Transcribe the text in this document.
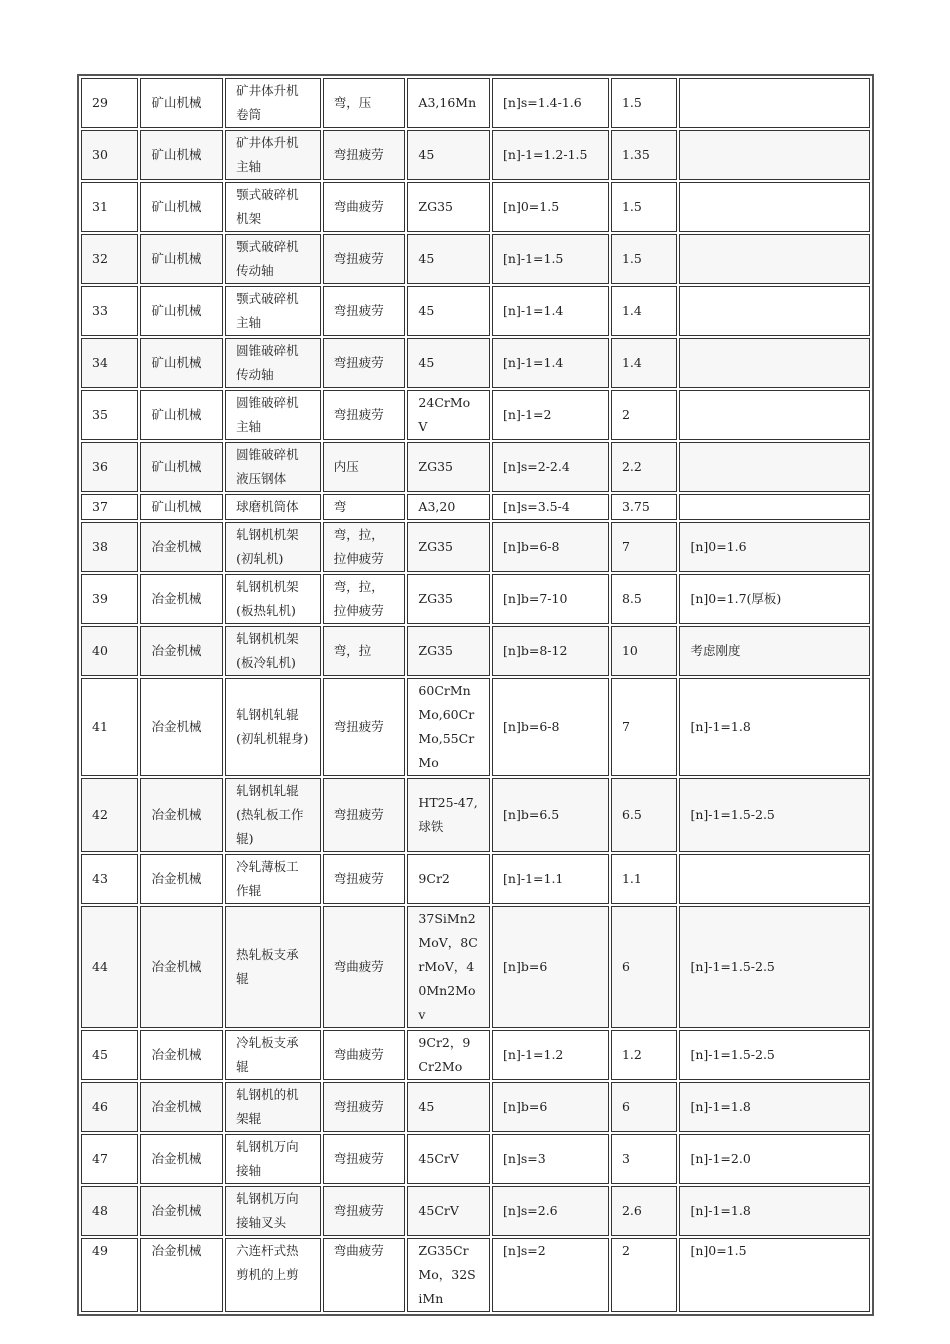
29	矿山机械	矿井体升机卷筒	弯，压	A3,16Mn	[n]s=1.4-1.6	1.5	
30	矿山机械	矿井体升机主轴	弯扭疲劳	45	[n]-1=1.2-1.5	1.35	
31	矿山机械	颚式破碎机机架	弯曲疲劳	ZG35	[n]0=1.5	1.5	
32	矿山机械	颚式破碎机传动轴	弯扭疲劳	45	[n]-1=1.5	1.5	
33	矿山机械	颚式破碎机主轴	弯扭疲劳	45	[n]-1=1.4	1.4	
34	矿山机械	圆锥破碎机传动轴	弯扭疲劳	45	[n]-1=1.4	1.4	
35	矿山机械	圆锥破碎机主轴	弯扭疲劳	24CrMoV	[n]-1=2	2	
36	矿山机械	圆锥破碎机液压钢体	内压	ZG35	[n]s=2-2.4	2.2	
37	矿山机械	球磨机筒体	弯	A3,20	[n]s=3.5-4	3.75	
38	冶金机械	轧钢机机架(初轧机)	弯，拉，拉伸疲劳	ZG35	[n]b=6-8	7	[n]0=1.6
39	冶金机械	轧钢机机架(板热轧机)	弯，拉，拉伸疲劳	ZG35	[n]b=7-10	8.5	[n]0=1.7(厚板)
40	冶金机械	轧钢机机架(板冷轧机)	弯，拉	ZG35	[n]b=8-12	10	考虑刚度
41	冶金机械	轧钢机轧辊(初轧机辊身)	弯扭疲劳	60CrMnMo,60CrMo,55CrMo	[n]b=6-8	7	[n]-1=1.8
42	冶金机械	轧钢机轧辊(热轧板工作辊)	弯扭疲劳	HT25-47,球铁	[n]b=6.5	6.5	[n]-1=1.5-2.5
43	冶金机械	冷轧薄板工作辊	弯扭疲劳	9Cr2	[n]-1=1.1	1.1	
44	冶金机械	热轧板支承辊	弯曲疲劳	37SiMn2MoV，8CrMoV，40Mn2Mov	[n]b=6	6	[n]-1=1.5-2.5
45	冶金机械	冷轧板支承辊	弯曲疲劳	9Cr2，9Cr2Mo	[n]-1=1.2	1.2	[n]-1=1.5-2.5
46	冶金机械	轧钢机的机架辊	弯扭疲劳	45	[n]b=6	6	[n]-1=1.8
47	冶金机械	轧钢机万向接轴	弯扭疲劳	45CrV	[n]s=3	3	[n]-1=2.0
48	冶金机械	轧钢机万向接轴叉头	弯扭疲劳	45CrV	[n]s=2.6	2.6	[n]-1=1.8
49	冶金机械	六连杆式热剪机的上剪	弯曲疲劳	ZG35CrMo，32SiMn	[n]s=2	2	[n]0=1.5
